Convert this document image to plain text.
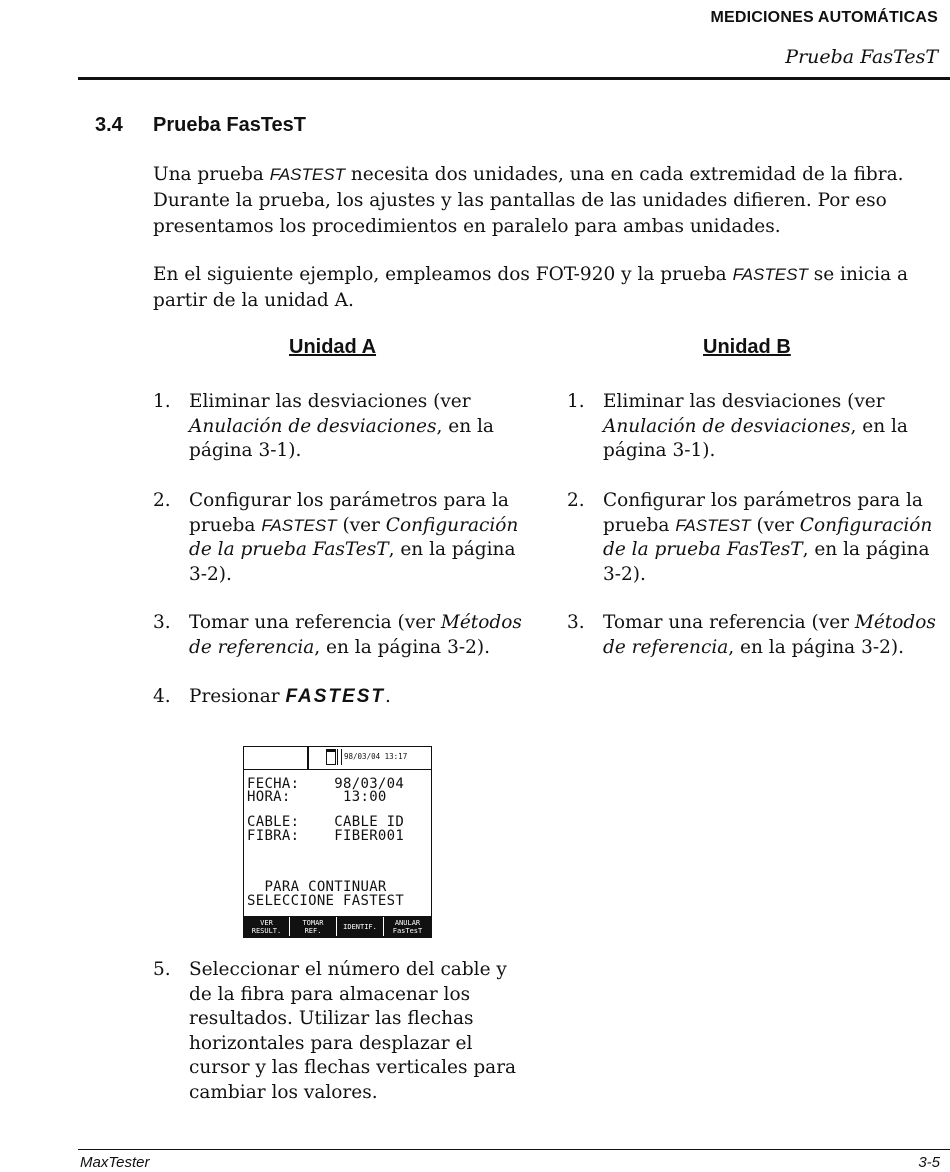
MEDICIONES AUTOMÁTICAS
Prueba FasTesT
3.4 Prueba FasTesT
Una prueba FASTEST necesita dos unidades, una en cada extremidad de la fibra. Durante la prueba, los ajustes y las pantallas de las unidades difieren. Por eso presentamos los procedimientos en paralelo para ambas unidades.
En el siguiente ejemplo, empleamos dos FOT-920 y la prueba FASTEST se inicia a partir de la unidad A.
Unidad A	Unidad B
1. Eliminar las desviaciones (ver Anulación de desviaciones, en la página 3-1).
2. Configurar los parámetros para la prueba FASTEST (ver Configuración de la prueba FasTesT, en la página 3-2).
3. Tomar una referencia (ver Métodos de referencia, en la página 3-2).
4. Presionar FASTEST.
98/03/04 13:17
FECHA:    98/03/04
HORA:      13:00
CABLE:    CABLE ID
FIBRA:    FIBER001
PARA CONTINUAR
SELECCIONE FASTEST
VER
RESULT.
TOMAR
REF.	IDENTIF.	ANULAR
FasTesT
5. Seleccionar el número del cable y de la fibra para almacenar los resultados. Utilizar las flechas horizontales para desplazar el cursor y las flechas verticales para cambiar los valores.
1. Eliminar las desviaciones (ver Anulación de desviaciones, en la página 3-1).
2. Configurar los parámetros para la prueba FASTEST (ver Configuración de la prueba FasTesT, en la página 3-2).
3. Tomar una referencia (ver Métodos de referencia, en la página 3-2).
MaxTester	3-5
